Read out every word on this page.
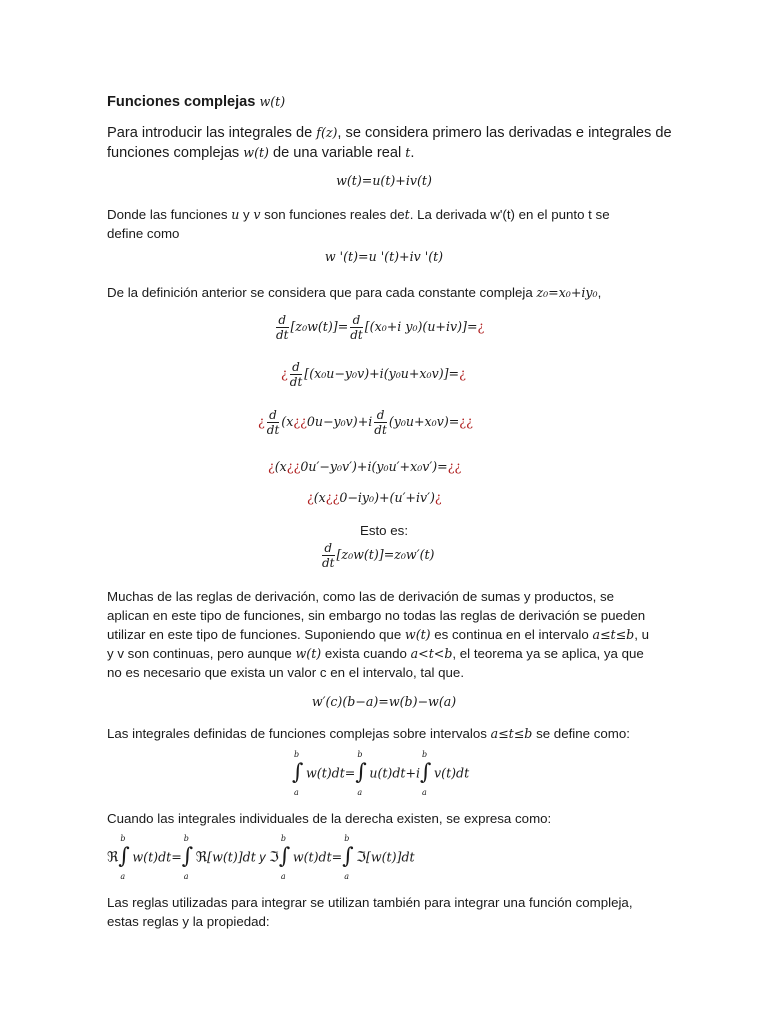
Funciones complejas w(t)
Para introducir las integrales de f(z), se considera primero las derivadas e integrales de funciones complejas w(t) de una variable real t.
w(t)=u(t)+iv(t)
Donde las funciones u y v son funciones reales det. La derivada w'(t) en el punto t se define como
w '(t)=u '(t)+iv '(t)
De la definición anterior se considera que para cada constante compleja z₀=x₀+iy₀,
$\frac{d}{dt} [z_0w(t)]= \frac{d}{dt} [(x_0+i$ y₀)(u+iv)]=¿
¿ $\frac{d}{dt}$ [(x₀u−y₀v)+i(y₀u+x₀v)]=¿
¿ $\frac{d}{dt}$ (x¿¿0u−y₀v)+i $\frac{d}{dt}$ (y₀u+x₀v)=¿¿
¿(x¿¿0u′−y₀v′)+i(y₀u′+x₀v′)=¿¿
¿(x¿¿0−iy₀)+(u′+iv′)¿
Esto es:
$\frac{d}{dt} [z_0w(t)]=z_0w'(t)$
Muchas de las reglas de derivación, como las de derivación de sumas y productos, se aplican en este tipo de funciones, sin embargo no todas las reglas de derivación se pueden utilizar en este tipo de funciones. Suponiendo que w(t) es continua en el intervalo a≤t≤b, u y v son continuas, pero aunque w(t) exista cuando a<t<b, el teorema ya se aplica, ya que no es necesario que exista un valor c en el intervalo, tal que.
w′(c)(b−a)=w(b)−w(a)
Las integrales definidas de funciones complejas sobre intervalos a≤t≤b se define como:
b
∫
a
w(t)dt=
b
∫
a
u(t)dt+i
b
∫
a
v(t)dt
Cuando las integrales individuales de la derecha existen, se expresa como:
ℜ
b
∫
a
w(t)dt=
b
∫
a
ℜ[w(t)]dt y ℑ
b
∫
a
w(t)dt=
b
∫
a
ℑ[w(t)]dt
Las reglas utilizadas para integrar se utilizan también para integrar una función compleja, estas reglas y la propiedad:
